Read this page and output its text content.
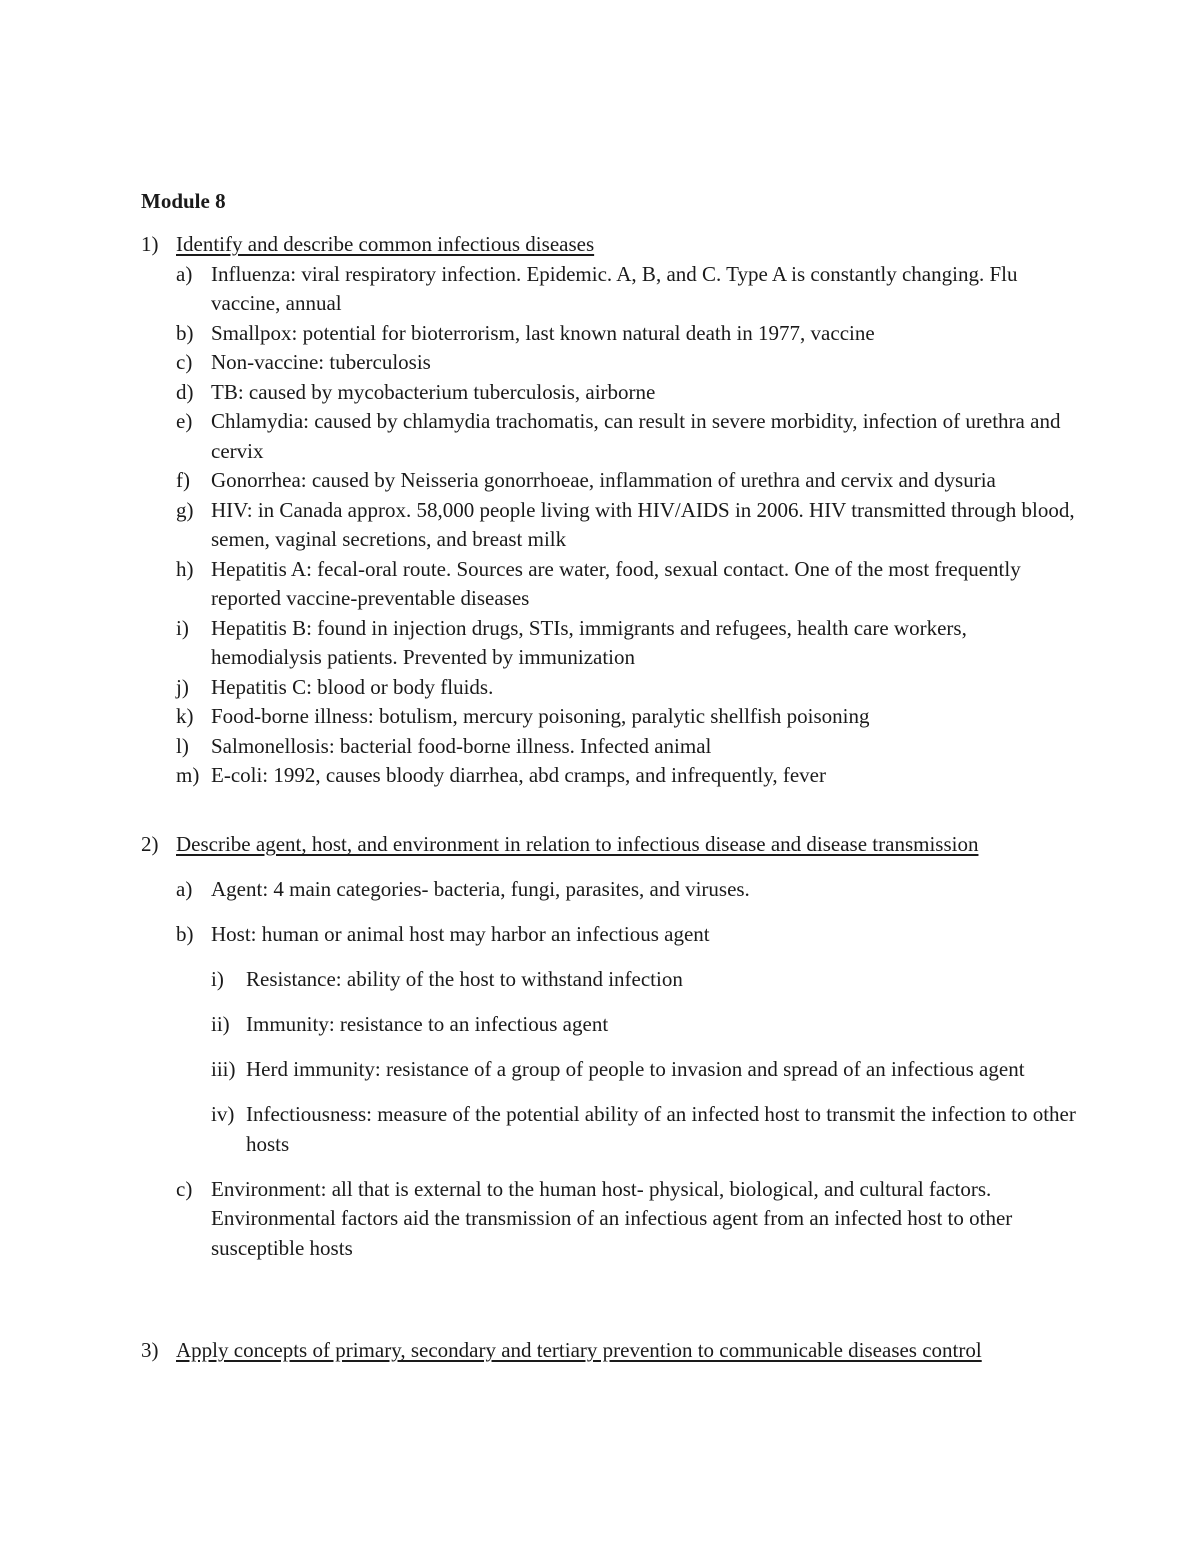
Module 8
1) Identify and describe common infectious diseases
a) Influenza: viral respiratory infection. Epidemic. A, B, and C. Type A is constantly changing. Flu vaccine, annual
b) Smallpox: potential for bioterrorism, last known natural death in 1977, vaccine
c) Non-vaccine: tuberculosis
d) TB: caused by mycobacterium tuberculosis, airborne
e) Chlamydia: caused by chlamydia trachomatis, can result in severe morbidity, infection of urethra and cervix
f) Gonorrhea: caused by Neisseria gonorrhoeae, inflammation of urethra and cervix and dysuria
g) HIV: in Canada approx. 58,000 people living with HIV/AIDS in 2006. HIV transmitted through blood, semen, vaginal secretions, and breast milk
h) Hepatitis A: fecal-oral route. Sources are water, food, sexual contact. One of the most frequently reported vaccine-preventable diseases
i) Hepatitis B: found in injection drugs, STIs, immigrants and refugees, health care workers, hemodialysis patients. Prevented by immunization
j) Hepatitis C: blood or body fluids.
k) Food-borne illness: botulism, mercury poisoning, paralytic shellfish poisoning
l) Salmonellosis: bacterial food-borne illness. Infected animal
m) E-coli: 1992, causes bloody diarrhea, abd cramps, and infrequently, fever
2) Describe agent, host, and environment in relation to infectious disease and disease transmission
a) Agent: 4 main categories- bacteria, fungi, parasites, and viruses.
b) Host: human or animal host may harbor an infectious agent
i) Resistance: ability of the host to withstand infection
ii) Immunity: resistance to an infectious agent
iii) Herd immunity: resistance of a group of people to invasion and spread of an infectious agent
iv) Infectiousness: measure of the potential ability of an infected host to transmit the infection to other hosts
c) Environment: all that is external to the human host- physical, biological, and cultural factors. Environmental factors aid the transmission of an infectious agent from an infected host to other susceptible hosts
3) Apply concepts of primary, secondary and tertiary prevention to communicable diseases control
